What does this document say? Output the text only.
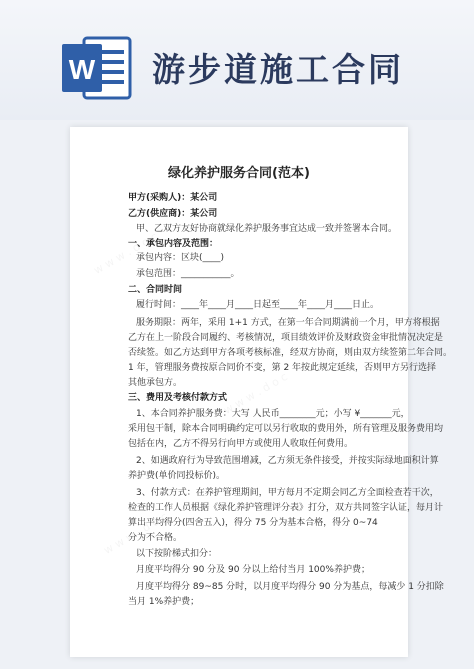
W 游步道施工合同
绿化养护服务合同(范本)
甲方(采购人)：某公司
乙方(供应商)：某公司
甲、乙双方友好协商就绿化养护服务事宜达成一致并签署本合同。
一、承包内容及范围：
承包内容：区块(____)
承包范围：___________。
二、合同时间
履行时间：____年____月____日起至____年____月____日止。
服务期限：两年，采用 1+1 方式，在第一年合同期满前一个月，甲方将根据
乙方在上一阶段合同履约、考核情况，项目绩效评价及财政资金审批情况决定是
否续签。如乙方达到甲方各项考核标准，经双方协商，则由双方续签第二年合同。
1 年，管理服务费按原合同价不变，第 2 年按此规定延续，否则甲方另行选择
其他承包方。
三、费用及考核付款方式
1、本合同养护服务费：大写 人民币________元；小写 ¥_______元，
采用包干制，除本合同明确约定可以另行收取的费用外，所有管理及服务费用均
包括在内，乙方不得另行向甲方或使用人收取任何费用。
2、如遇政府行为导致范围增减，乙方须无条件接受，并按实际绿地面积计算
养护费(单价同投标价)。
3、付款方式：在养护管理期间，甲方每月不定期会同乙方全面检查若干次，
检查的工作人员根据《绿化养护管理评分表》打分，双方共同签字认证，每月计
算出平均得分(四舍五入)，得分 75 分为基本合格，得分 0~74
分为不合格。
以下按阶梯式扣分：
月度平均得分 90 分及 90 分以上给付当月 100%养护费；
月度平均得分 89~85 分时，以月度平均得分 90 分为基点，每减少 1 分扣除
当月 1%养护费；
